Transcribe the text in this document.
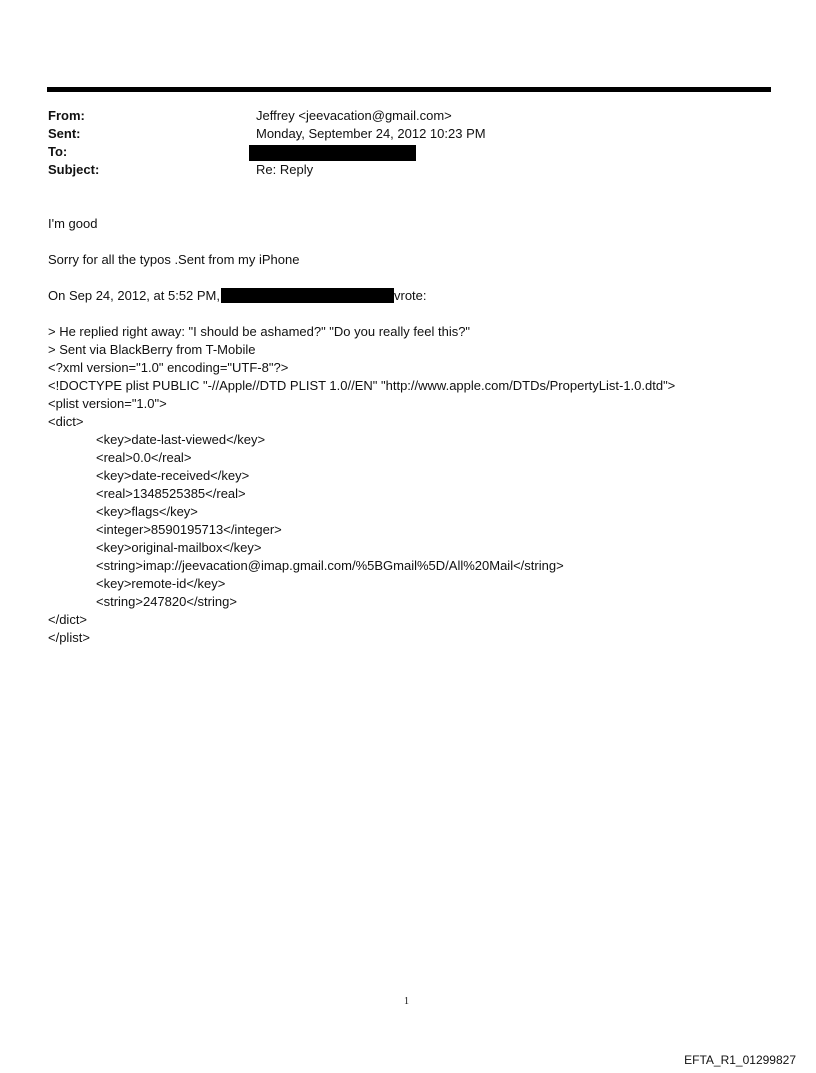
From:	Jeffrey <jeevacation@gmail.com>
Sent:	Monday, September 24, 2012 10:23 PM
To:
Subject:	Re: Reply
I'm good
Sorry for all the typos .Sent from my iPhone
On Sep 24, 2012, at 5:52 PM,	vrote:
> He replied right away: "I should be ashamed?" "Do you really feel this?"
> Sent via BlackBerry from T-Mobile
<?xml version="1.0" encoding="UTF-8"?>
<!DOCTYPE plist PUBLIC "-//Apple//DTD PLIST 1.0//EN" "http://www.apple.com/DTDs/PropertyList-1.0.dtd">
<plist version="1.0">
<dict>
<key>date-last-viewed</key>
<real>0.0</real>
<key>date-received</key>
<real>1348525385</real>
<key>flags</key>
<integer>8590195713</integer>
<key>original-mailbox</key>
<string>imap://jeevacation@imap.gmail.com/%5BGmail%5D/All%20Mail</string>
<key>remote-id</key>
<string>247820</string>
</dict>
</plist>
1
EFTA_R1_01299827
